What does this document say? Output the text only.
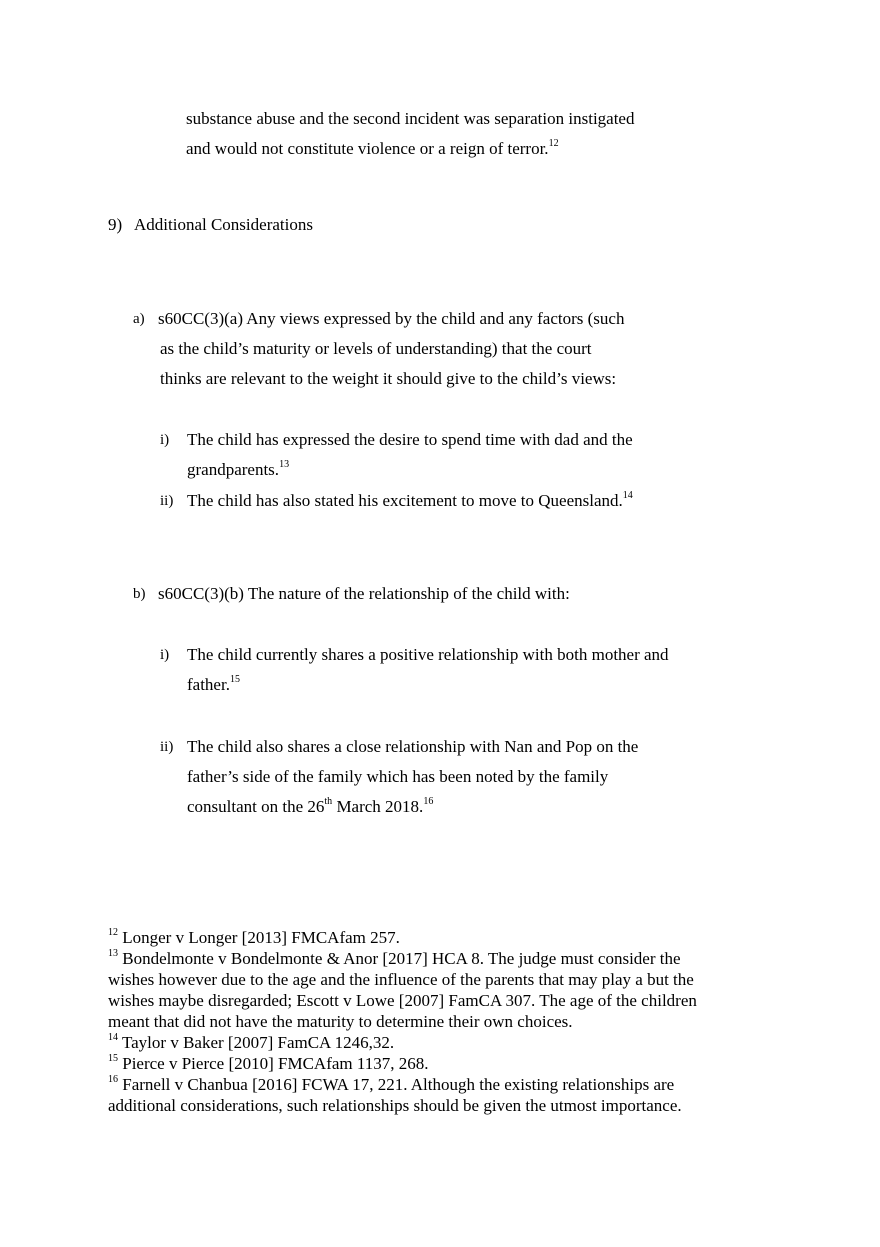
substance abuse and the second incident was separation instigated
and would not constitute violence or a reign of terror.$^{12}$
9) Additional Considerations
a) s60CC(3)(a) Any views expressed by the child and any factors (such
as the child’s maturity or levels of understanding) that the court
thinks are relevant to the weight it should give to the child’s views:
i) The child has expressed the desire to spend time with dad and the
grandparents.$^{13}$
ii) The child has also stated his excitement to move to Queensland.$^{14}$
b) s60CC(3)(b) The nature of the relationship of the child with:
i) The child currently shares a positive relationship with both mother and
father.$^{15}$
ii) The child also shares a close relationship with Nan and Pop on the
father’s side of the family which has been noted by the family
consultant on the 26th March 2018.16

$^{12}$ Longer v Longer [2013] FMCAfam 257.

$^{13}$ Bondelmonte v Bondelmonte & Anor [2017] HCA 8. The judge must consider the wishes however due to the age and the influence of the parents that may play a but the wishes maybe disregarded; Escott v Lowe [2007] FamCA 307. The age of the children meant that did not have the maturity to determine their own choices.

$^{14}$ Taylor v Baker [2007] FamCA 1246,32.

$^{15}$ Pierce v Pierce [2010] FMCAfam 1137, 268.

$^{16}$ Farnell v Chanbua [2016] FCWA 17, 221. Although the existing relationships are additional considerations, such relationships should be given the utmost importance.
